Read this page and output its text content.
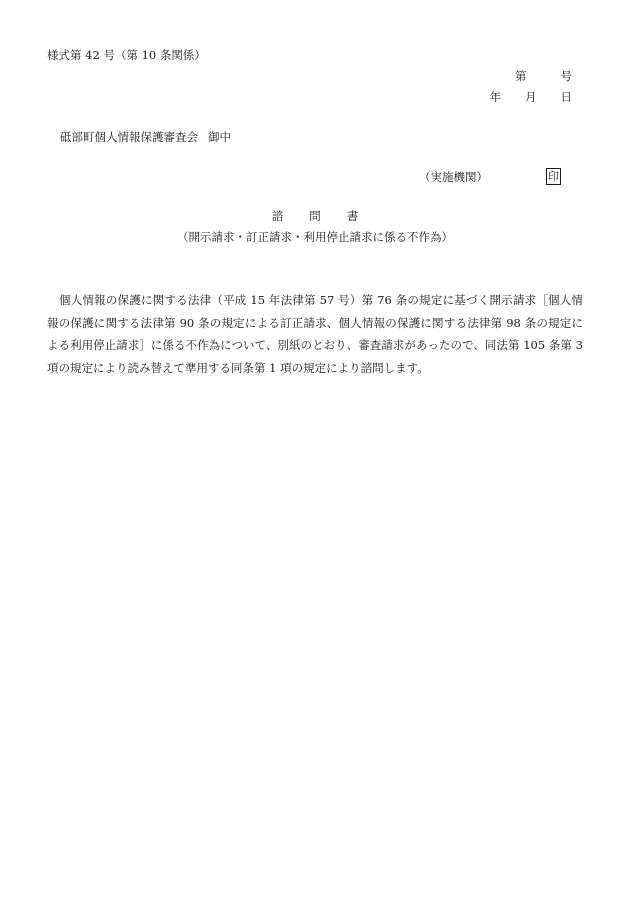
様式第 42 号（第 10 条関係）
第	号
年 月 日
砥部町個人情報保護審査会 御中
（実施機関）	印
諮 問 書
（開示請求・訂正請求・利用停止請求に係る不作為）
個人情報の保護に関する法律（平成 15 年法律第 57 号）第 76 条の規定に基づく開示請求［個人情報の保護に関する法律第 90 条の規定による訂正請求、個人情報の保護に関する法律第 98 条の規定による利用停止請求］に係る不作為について、別紙のとおり、審査請求があったので、同法第 105 条第 3 項の規定により読み替えて準用する同条第 1 項の規定により諮問します。
